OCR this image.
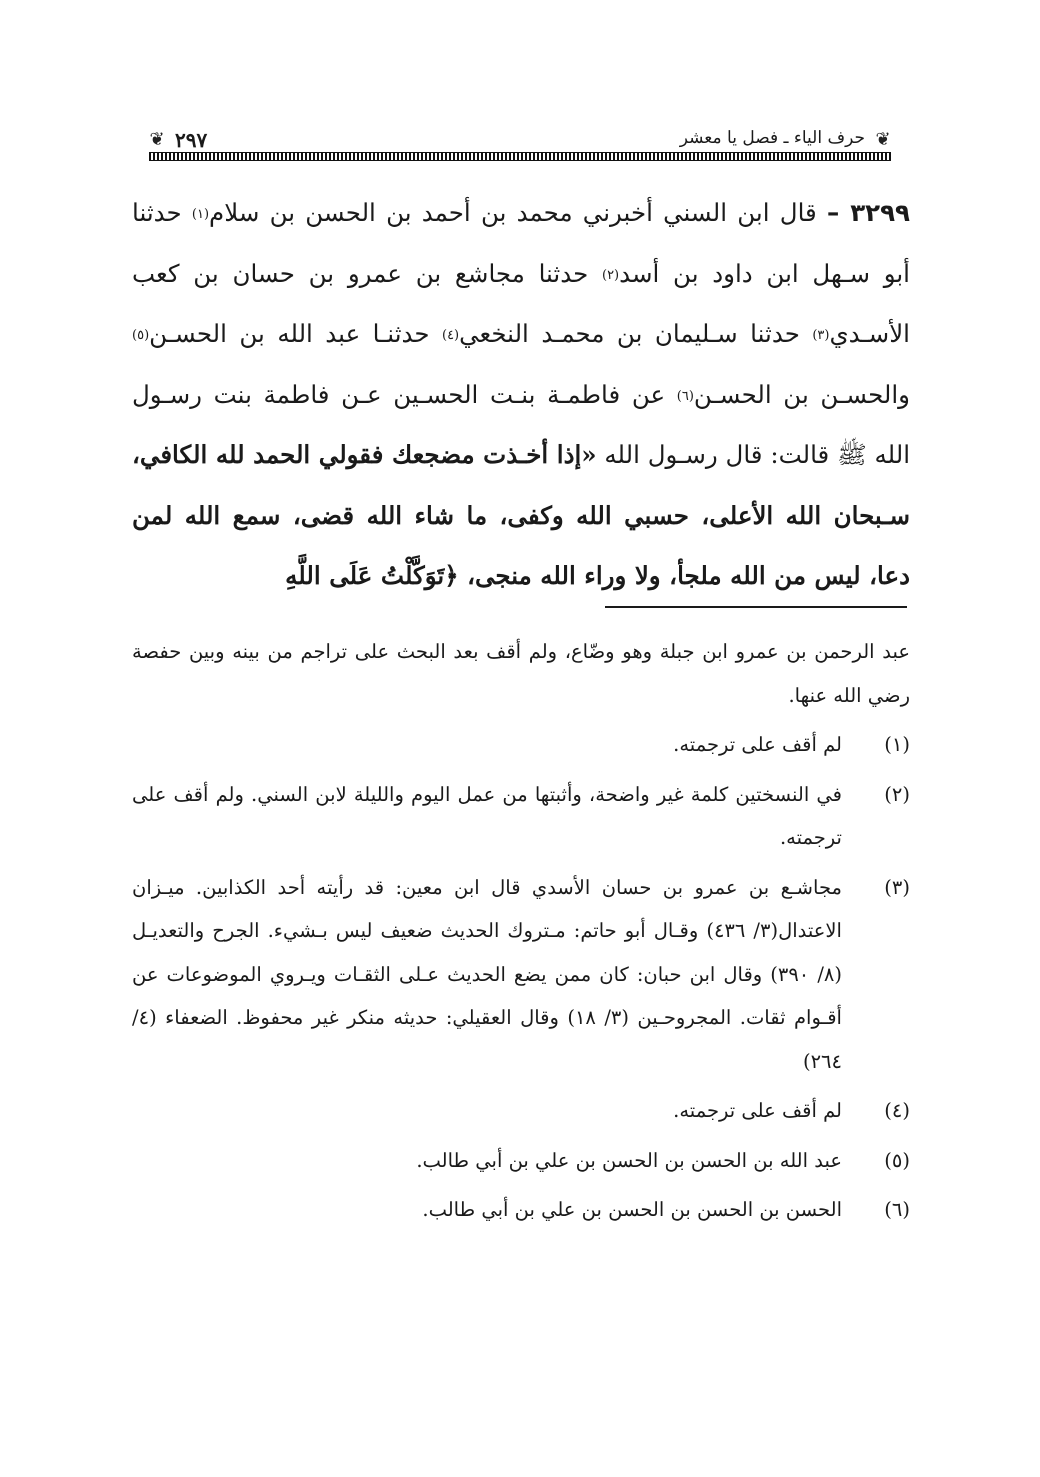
❦
حرف الياء ـ فصل يا معشر
٢٩٧
❦
٣٢٩٩ – قال ابن السني أخبرني محمد بن أحمد بن الحسن بن سلام$^{(١)}$ حدثنا أبو سـهل ابن داود بن أسد$^{(٢)}$ حدثنا مجاشع بن عمرو بن حسان بن كعب الأسـدي$^{(٣)}$ حدثنا سـليمان بن محمـد النخعي$^{(٤)}$ حدثنـا عبد الله بن الحسـن$^{(٥)}$ والحسـن بن الحسـن$^{(٦)}$ عن فاطمـة بنـت الحسـين عـن فاطمة بنت رسـول الله ﷺ قالت: قال رسـول الله «إذا أخـذت مضجعك فقولي الحمد لله الكافي، سـبحان الله الأعلى، حسبي الله وكفى، ما شاء الله قضى، سمع الله لمن دعا، ليس من الله ملجأ، ولا وراء الله منجى، ﴿تَوَكَّلْتُ عَلَى اللَّهِ
عبد الرحمن بن عمرو ابن جبلة وهو وضّاع، ولم أقف بعد البحث على تراجم من بينه وبين حفصة رضي الله عنها.
(١)
لم أقف على ترجمته.
(٢)
في النسختين كلمة غير واضحة، وأثبتها من عمل اليوم والليلة لابن السني. ولم أقف على ترجمته.
(٣)
مجاشـع بن عمرو بن حسان الأسدي قال ابن معين: قد رأيته أحد الكذابين. ميـزان الاعتدال(٣/ ٤٣٦) وقـال أبو حاتم: مـتروك الحديث ضعيف ليس بـشيء. الجرح والتعديـل (٨/ ٣٩٠) وقال ابن حبان: كان ممن يضع الحديث عـلى الثقـات ويـروي الموضوعات عن أقـوام ثقات. المجروحـين (٣/ ١٨) وقال العقيلي: حديثه منكر غير محفوظ. الضعفاء (٤/ ٢٦٤)
(٤)
لم أقف على ترجمته.
(٥)
عبد الله بن الحسن بن الحسن بن علي بن أبي طالب.
(٦)
الحسن بن الحسن بن الحسن بن علي بن أبي طالب.
